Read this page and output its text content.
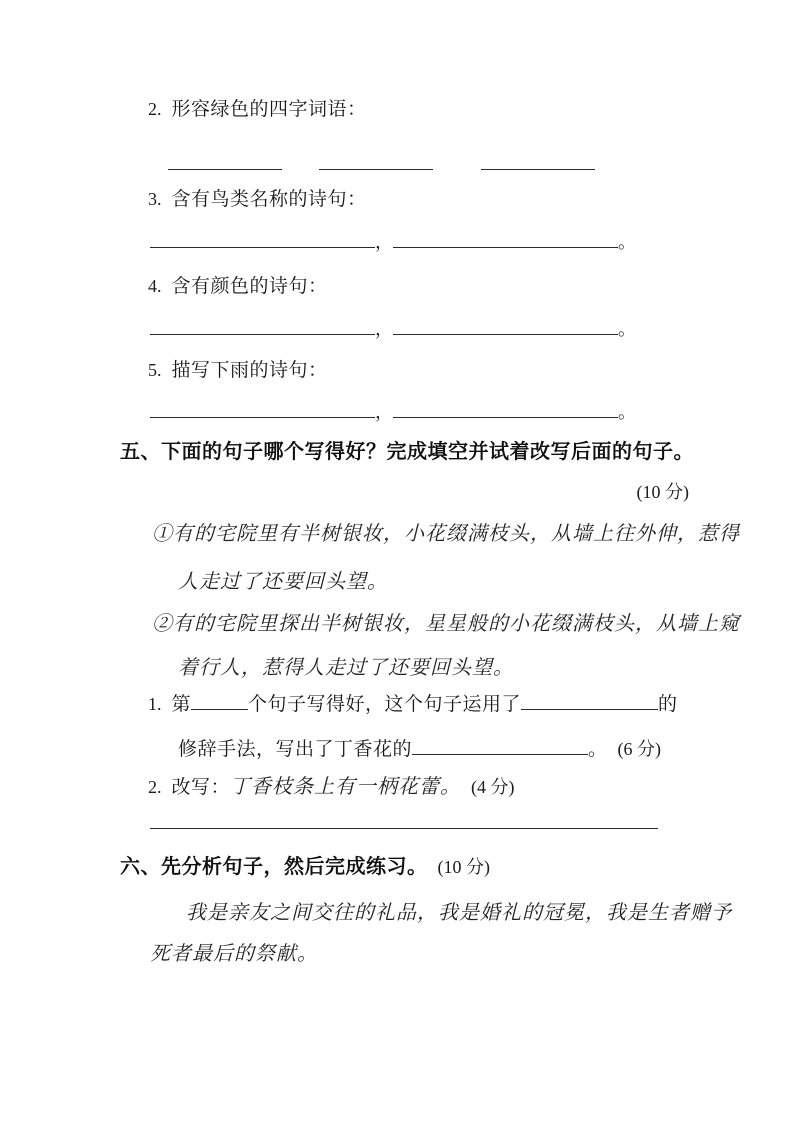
2. 形容绿色的四字词语：
3. 含有鸟类名称的诗句：
，	。
4. 含有颜色的诗句：
，	。
5. 描写下雨的诗句：
，	。
五、下面的句子哪个写得好？完成填空并试着改写后面的句子。
(10 分)
①有的宅院里有半树银妆，小花缀满枝头，从墙上往外伸，惹得
人走过了还要回头望。
②有的宅院里探出半树银妆，星星般的小花缀满枝头，从墙上窥
着行人，惹得人走过了还要回头望。
1. 第	个句子写得好，这个句子运用了	的
修辞手法，写出了丁香花的	。 (6 分)
2. 改写：丁香枝条上有一柄花蕾。 (4 分)
六、先分析句子，然后完成练习。 (10 分)
我是亲友之间交往的礼品，我是婚礼的冠冕，我是生者赠予
死者最后的祭献。
